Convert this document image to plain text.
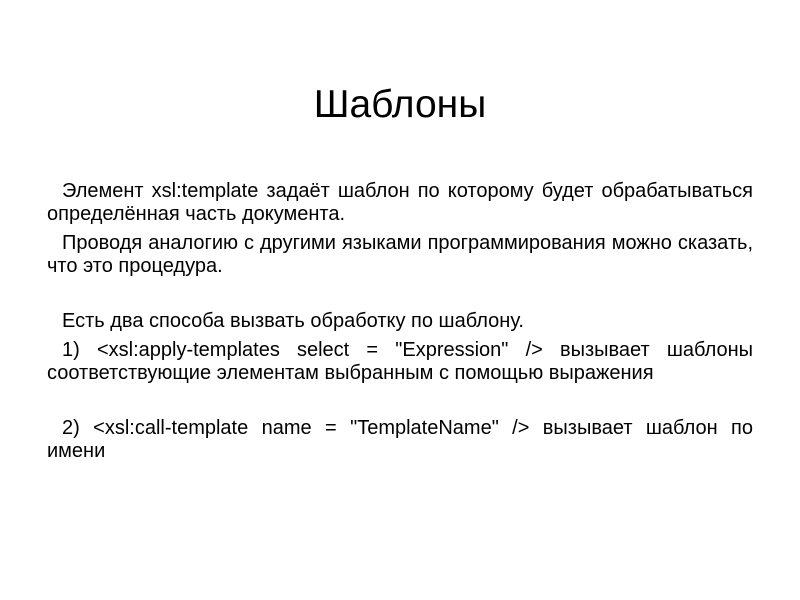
Шаблоны

Элемент xsl:template задаёт шаблон по которому будет обрабатываться определённая часть документа.

Проводя аналогию с другими языками программирования можно сказать, что это процедура.

Есть два способа вызвать обработку по шаблону.

1) <xsl:apply-templates select = "Expression" /> вызывает шаблоны соответствующие элементам выбранным с помощью выражения

2) <xsl:call-template name = "TemplateName" /> вызывает шаблон по имени
